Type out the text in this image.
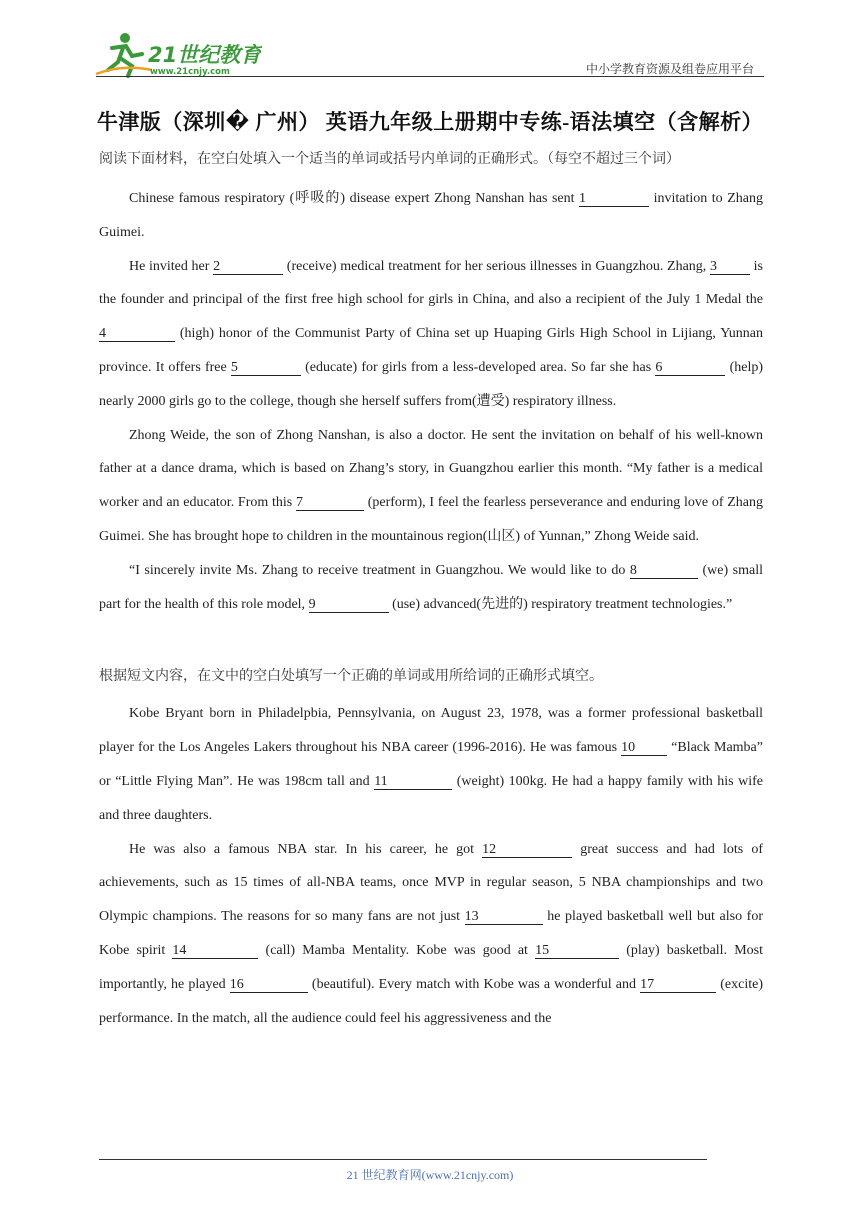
21世纪教育
www.21cnjy.com	中小学教育资源及组卷应用平台
牛津版（深圳� 广州） 英语九年级上册期中专练-语法填空（含解析）

阅读下面材料，在空白处填入一个适当的单词或括号内单词的正确形式。（每空不超过三个词）

Chinese famous respiratory (呼吸的) disease expert Zhong Nanshan has sent 1	invitation to Zhang Guimei.

He invited her 2	(receive) medical treatment for her serious illnesses in Guangzhou. Zhang, 3 is the founder and principal of the first free high school for girls in China, and also a recipient of the July 1 Medal the 4	(high) honor of the Communist Party of China set up Huaping Girls High School in Lijiang, Yunnan province. It offers free 5	(educate) for girls from a less-developed area. So far she has 6	(help) nearly 2000 girls go to the college, though she herself suffers from(遭受) respiratory illness.

Zhong Weide, the son of Zhong Nanshan, is also a doctor. He sent the invitation on behalf of his well-known father at a dance drama, which is based on Zhang’s story, in Guangzhou earlier this month. “My father is a medical worker and an educator. From this 7	(perform), I feel the fearless perseverance and enduring love of Zhang Guimei. She has brought hope to children in the mountainous region(山区) of Yunnan,” Zhong Weide said.

“I sincerely invite Ms. Zhang to receive treatment in Guangzhou. We would like to do 8	(we) small part for the health of this role model, 9	(use) advanced(先进的) respiratory treatment technologies.”

根据短文内容，在文中的空白处填写一个正确的单词或用所给词的正确形式填空。

Kobe Bryant born in Philadelpbia, Pennsylvania, on August 23, 1978, was a former professional basketball player for the Los Angeles Lakers throughout his NBA career (1996-2016). He was famous 10 “Black Mamba” or “Little Flying Man”. He was 198cm tall and 11	(weight) 100kg. He had a happy family with his wife and three daughters.

He was also a famous NBA star. In his career, he got 12	great success and had lots of achievements, such as 15 times of all-NBA teams, once MVP in regular season, 5 NBA championships and two Olympic champions. The reasons for so many fans are not just 13	he played basketball well but also for Kobe spirit 14	(call) Mamba Mentality. Kobe was good at 15	(play) basketball. Most importantly, he played 16	(beautiful). Every match with Kobe was a wonderful and 17	(excite) performance. In the match, all the audience could feel his aggressiveness and the

21 世纪教育网(www.21cnjy.com)
